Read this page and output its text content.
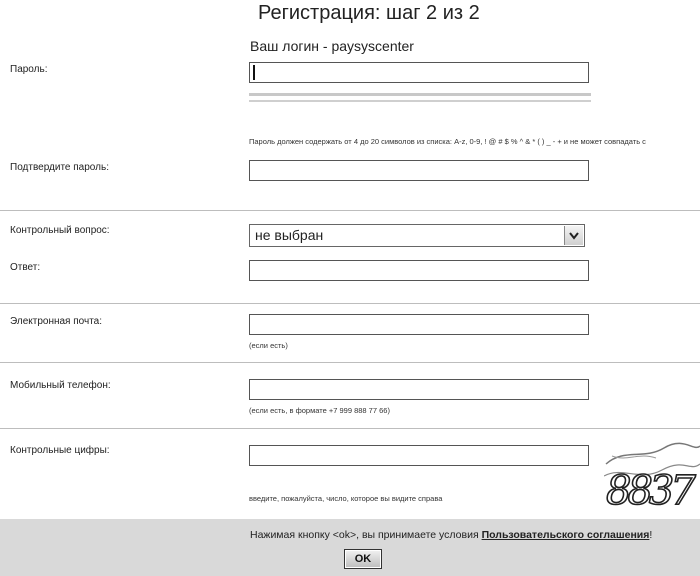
Регистрация: шаг 2 из 2
Ваш логин - paysyscenter
Пароль:
Пароль должен содержать от 4 до 20 символов из списка: A-z, 0-9, ! @ # $ % ^ & * ( ) _ - + и не может совпадать с
Подтвердите пароль:
Контрольный вопрос:	не выбран
Ответ:
Электронная почта:
(если есть)
Мобильный телефон:
(если есть, в формате +7 999 888 77 66)
Контрольные цифры:
введите, пожалуйста, число, которое вы видите справа	8837
Нажимая кнопку <ok>, вы принимаете условия Пользовательского соглашения!
OK
